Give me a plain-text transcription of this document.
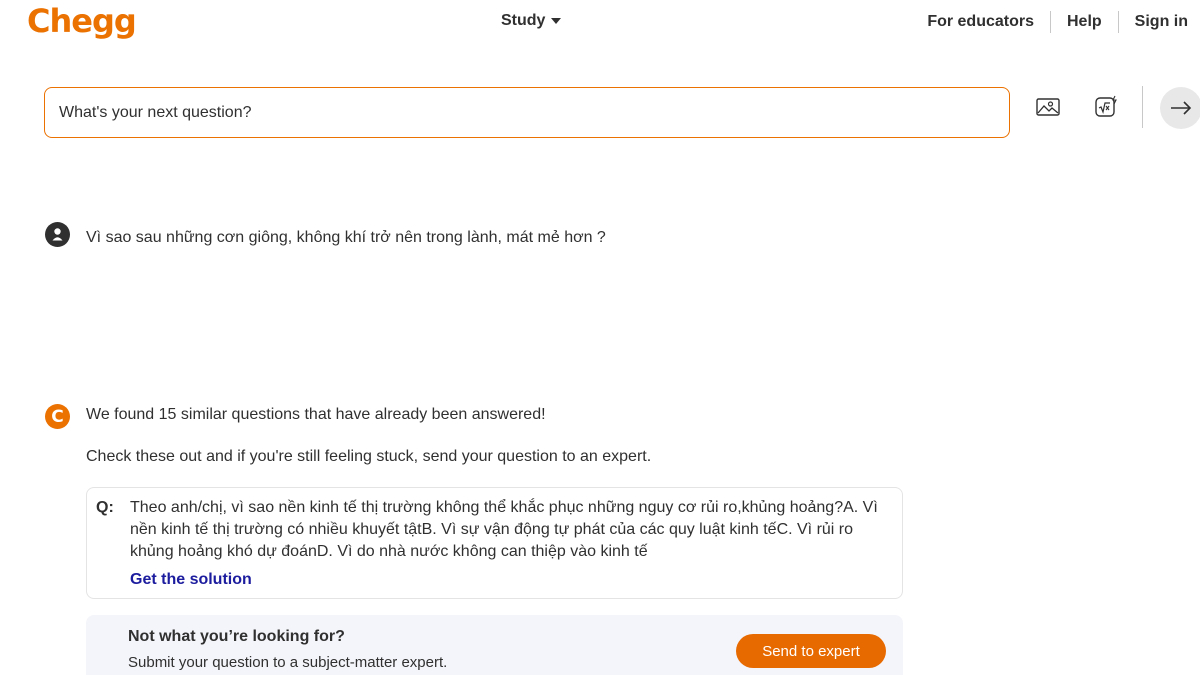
Chegg	Study	For educators	Help	Sign in
What's your next question?
Vì sao sau những cơn giông, không khí trở nên trong lành, mát mẻ hơn ?
C	We found 15 similar questions that have already been answered!
Check these out and if you're still feeling stuck, send your question to an expert.
Q: Theo anh/chị, vì sao nền kinh tế thị trường không thể khắc phục những nguy cơ rủi ro,khủng hoảng?A. Vì nền kinh tế thị trường có nhiều khuyết tậtB. Vì sự vận động tự phát của các quy luật kinh tếC. Vì rủi ro khủng hoảng khó dự đoánD. Vì do nhà nước không can thiệp vào kinh tế
Get the solution
Not what you’re looking for?
Submit your question to a subject-matter expert.
Send to expert
